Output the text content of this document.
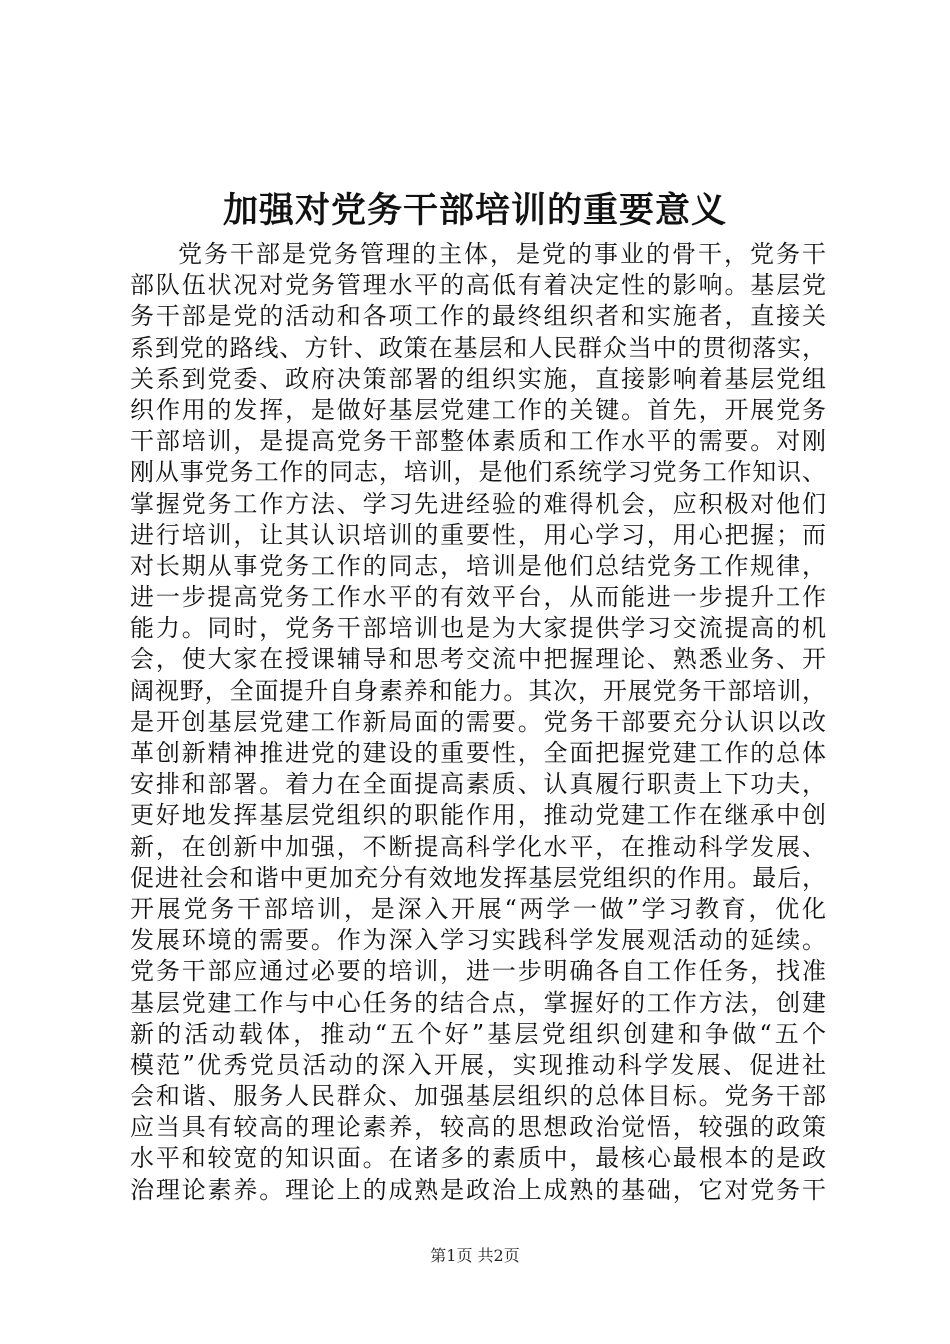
加强对党务干部培训的重要意义
党务干部是党务管理的主体，是党的事业的骨干，党务干
部队伍状况对党务管理水平的高低有着决定性的影响。基层党
务干部是党的活动和各项工作的最终组织者和实施者，直接关
系到党的路线、方针、政策在基层和人民群众当中的贯彻落实，
关系到党委、政府决策部署的组织实施，直接影响着基层党组
织作用的发挥，是做好基层党建工作的关键。首先，开展党务
干部培训，是提高党务干部整体素质和工作水平的需要。对刚
刚从事党务工作的同志，培训，是他们系统学习党务工作知识、
掌握党务工作方法、学习先进经验的难得机会，应积极对他们
进行培训，让其认识培训的重要性，用心学习，用心把握；而
对长期从事党务工作的同志，培训是他们总结党务工作规律，
进一步提高党务工作水平的有效平台，从而能进一步提升工作
能力。同时，党务干部培训也是为大家提供学习交流提高的机
会，使大家在授课辅导和思考交流中把握理论、熟悉业务、开
阔视野，全面提升自身素养和能力。其次，开展党务干部培训，
是开创基层党建工作新局面的需要。党务干部要充分认识以改
革创新精神推进党的建设的重要性，全面把握党建工作的总体
安排和部署。着力在全面提高素质、认真履行职责上下功夫，
更好地发挥基层党组织的职能作用，推动党建工作在继承中创
新，在创新中加强，不断提高科学化水平，在推动科学发展、
促进社会和谐中更加充分有效地发挥基层党组织的作用。最后，
开展党务干部培训，是深入开展“两学一做”学习教育，优化
发展环境的需要。作为深入学习实践科学发展观活动的延续。
党务干部应通过必要的培训，进一步明确各自工作任务，找准
基层党建工作与中心任务的结合点，掌握好的工作方法，创建
新的活动载体，推动“五个好”基层党组织创建和争做“五个
模范”优秀党员活动的深入开展，实现推动科学发展、促进社
会和谐、服务人民群众、加强基层组织的总体目标。党务干部
应当具有较高的理论素养，较高的思想政治觉悟，较强的政策
水平和较宽的知识面。在诸多的素质中，最核心最根本的是政
治理论素养。理论上的成熟是政治上成熟的基础，它对党务干
第1页 共2页
